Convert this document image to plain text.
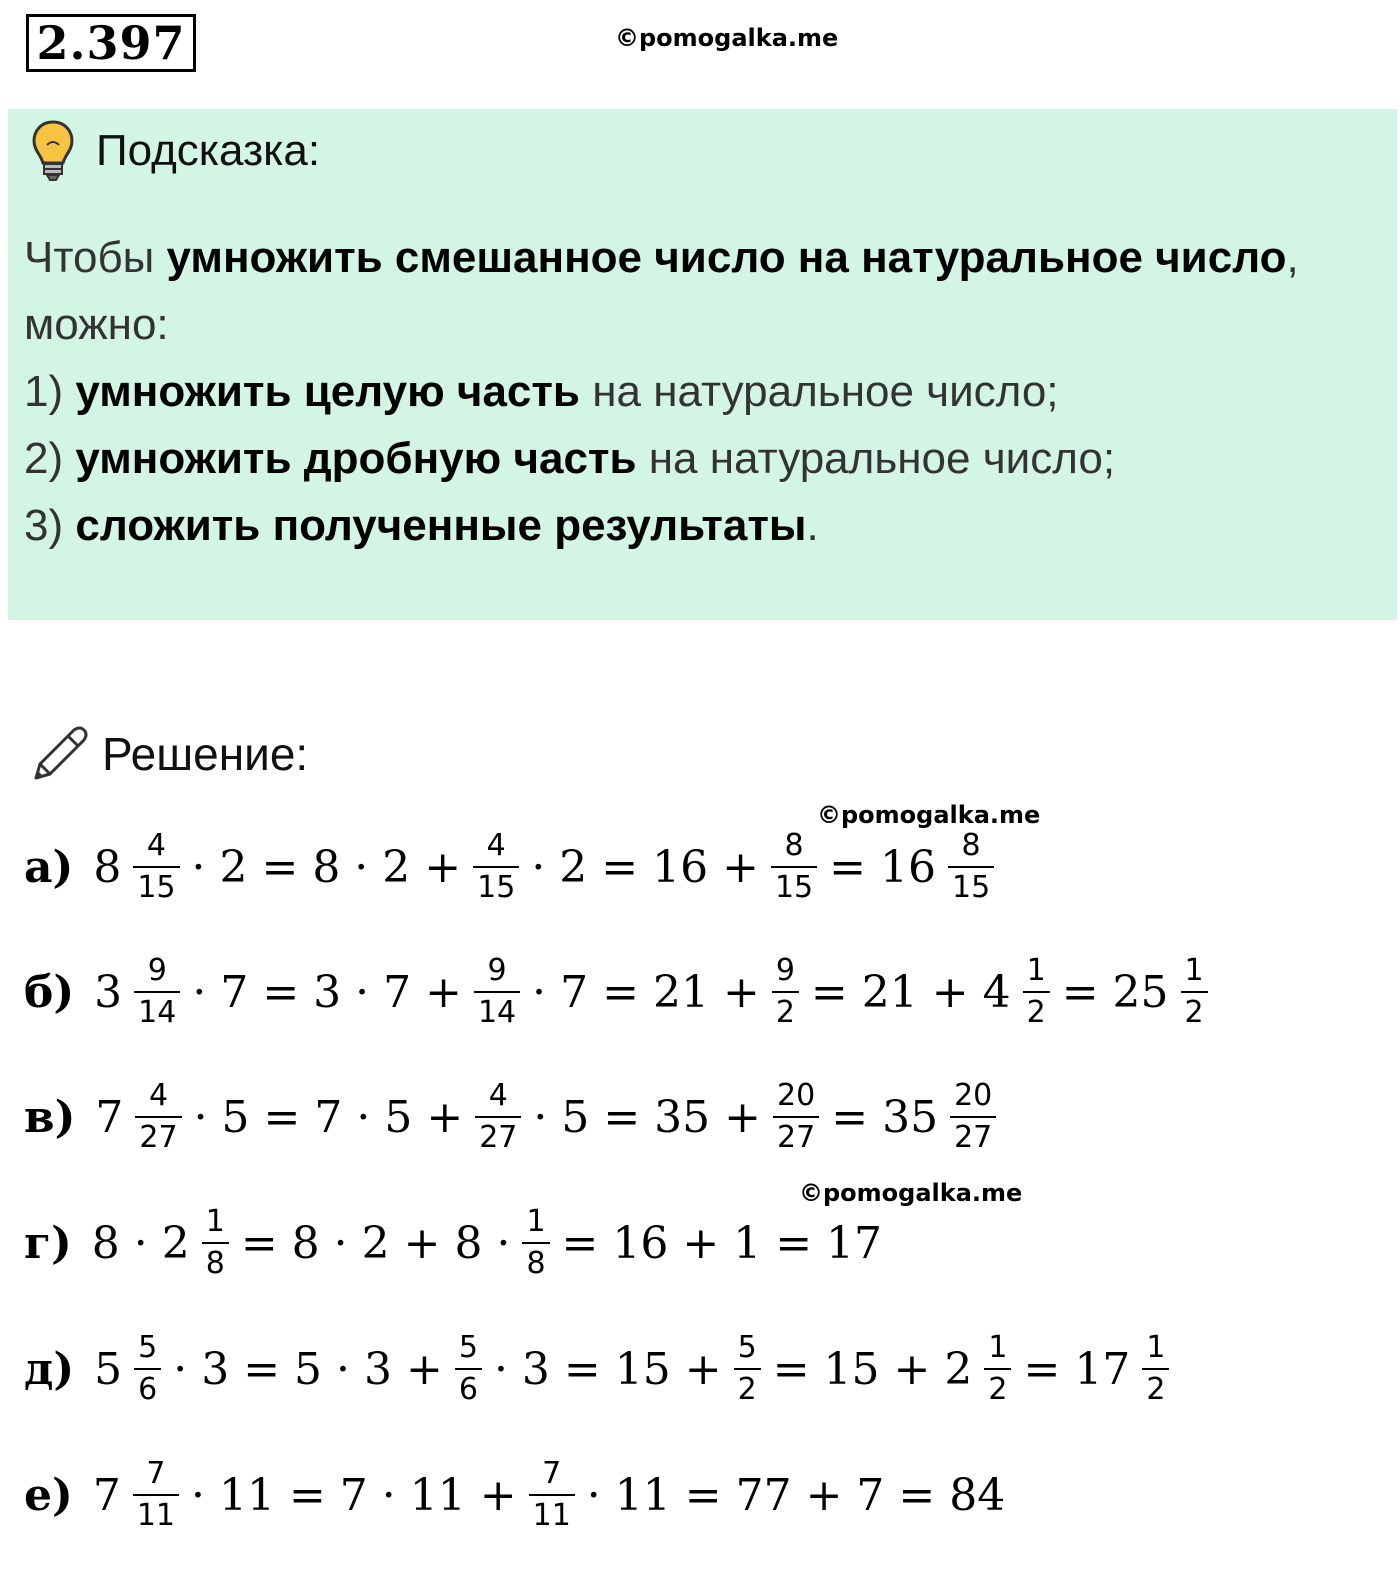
2.397	©pomogalka.me
Подсказка:

Чтобы умножить смешанное число на натуральное число,

можно:

1) умножить целую часть на натуральное число;

2) умножить дробную часть на натуральное число;

3) сложить полученные результаты.

Решение:
©pomogalka.me
©pomogalka.me
а) $8 \frac{4}{15} \cdot 2 = 8 \cdot 2 + \frac{4}{15} \cdot 2 = 16 + \frac{8}{15} = 16 \frac{8}{15}$
б) $3 \frac{9}{14} \cdot 7 = 3 \cdot 7 + \frac{9}{14} \cdot 7 = 21 + \frac{9}{2} = 21 + 4 \frac{1}{2} = 25 \frac{1}{2}$
в) $7 \frac{4}{27} \cdot 5 = 7 \cdot 5 + \frac{4}{27} \cdot 5 = 35 + \frac{20}{27} = 35 \frac{20}{27}$
г) $8 \cdot 2 \frac{1}{8} = 8 \cdot 2 + 8 \cdot \frac{1}{8} = 16 + 1 = 17$
д) $5 \frac{5}{6} \cdot 3 = 5 \cdot 3 + \frac{5}{6} \cdot 3 = 15 + \frac{5}{2} = 15 + 2 \frac{1}{2} = 17 \frac{1}{2}$
е) $7 \frac{7}{11} \cdot 11 = 7 \cdot 11 + \frac{7}{11} \cdot 11 = 77 + 7 = 84$
